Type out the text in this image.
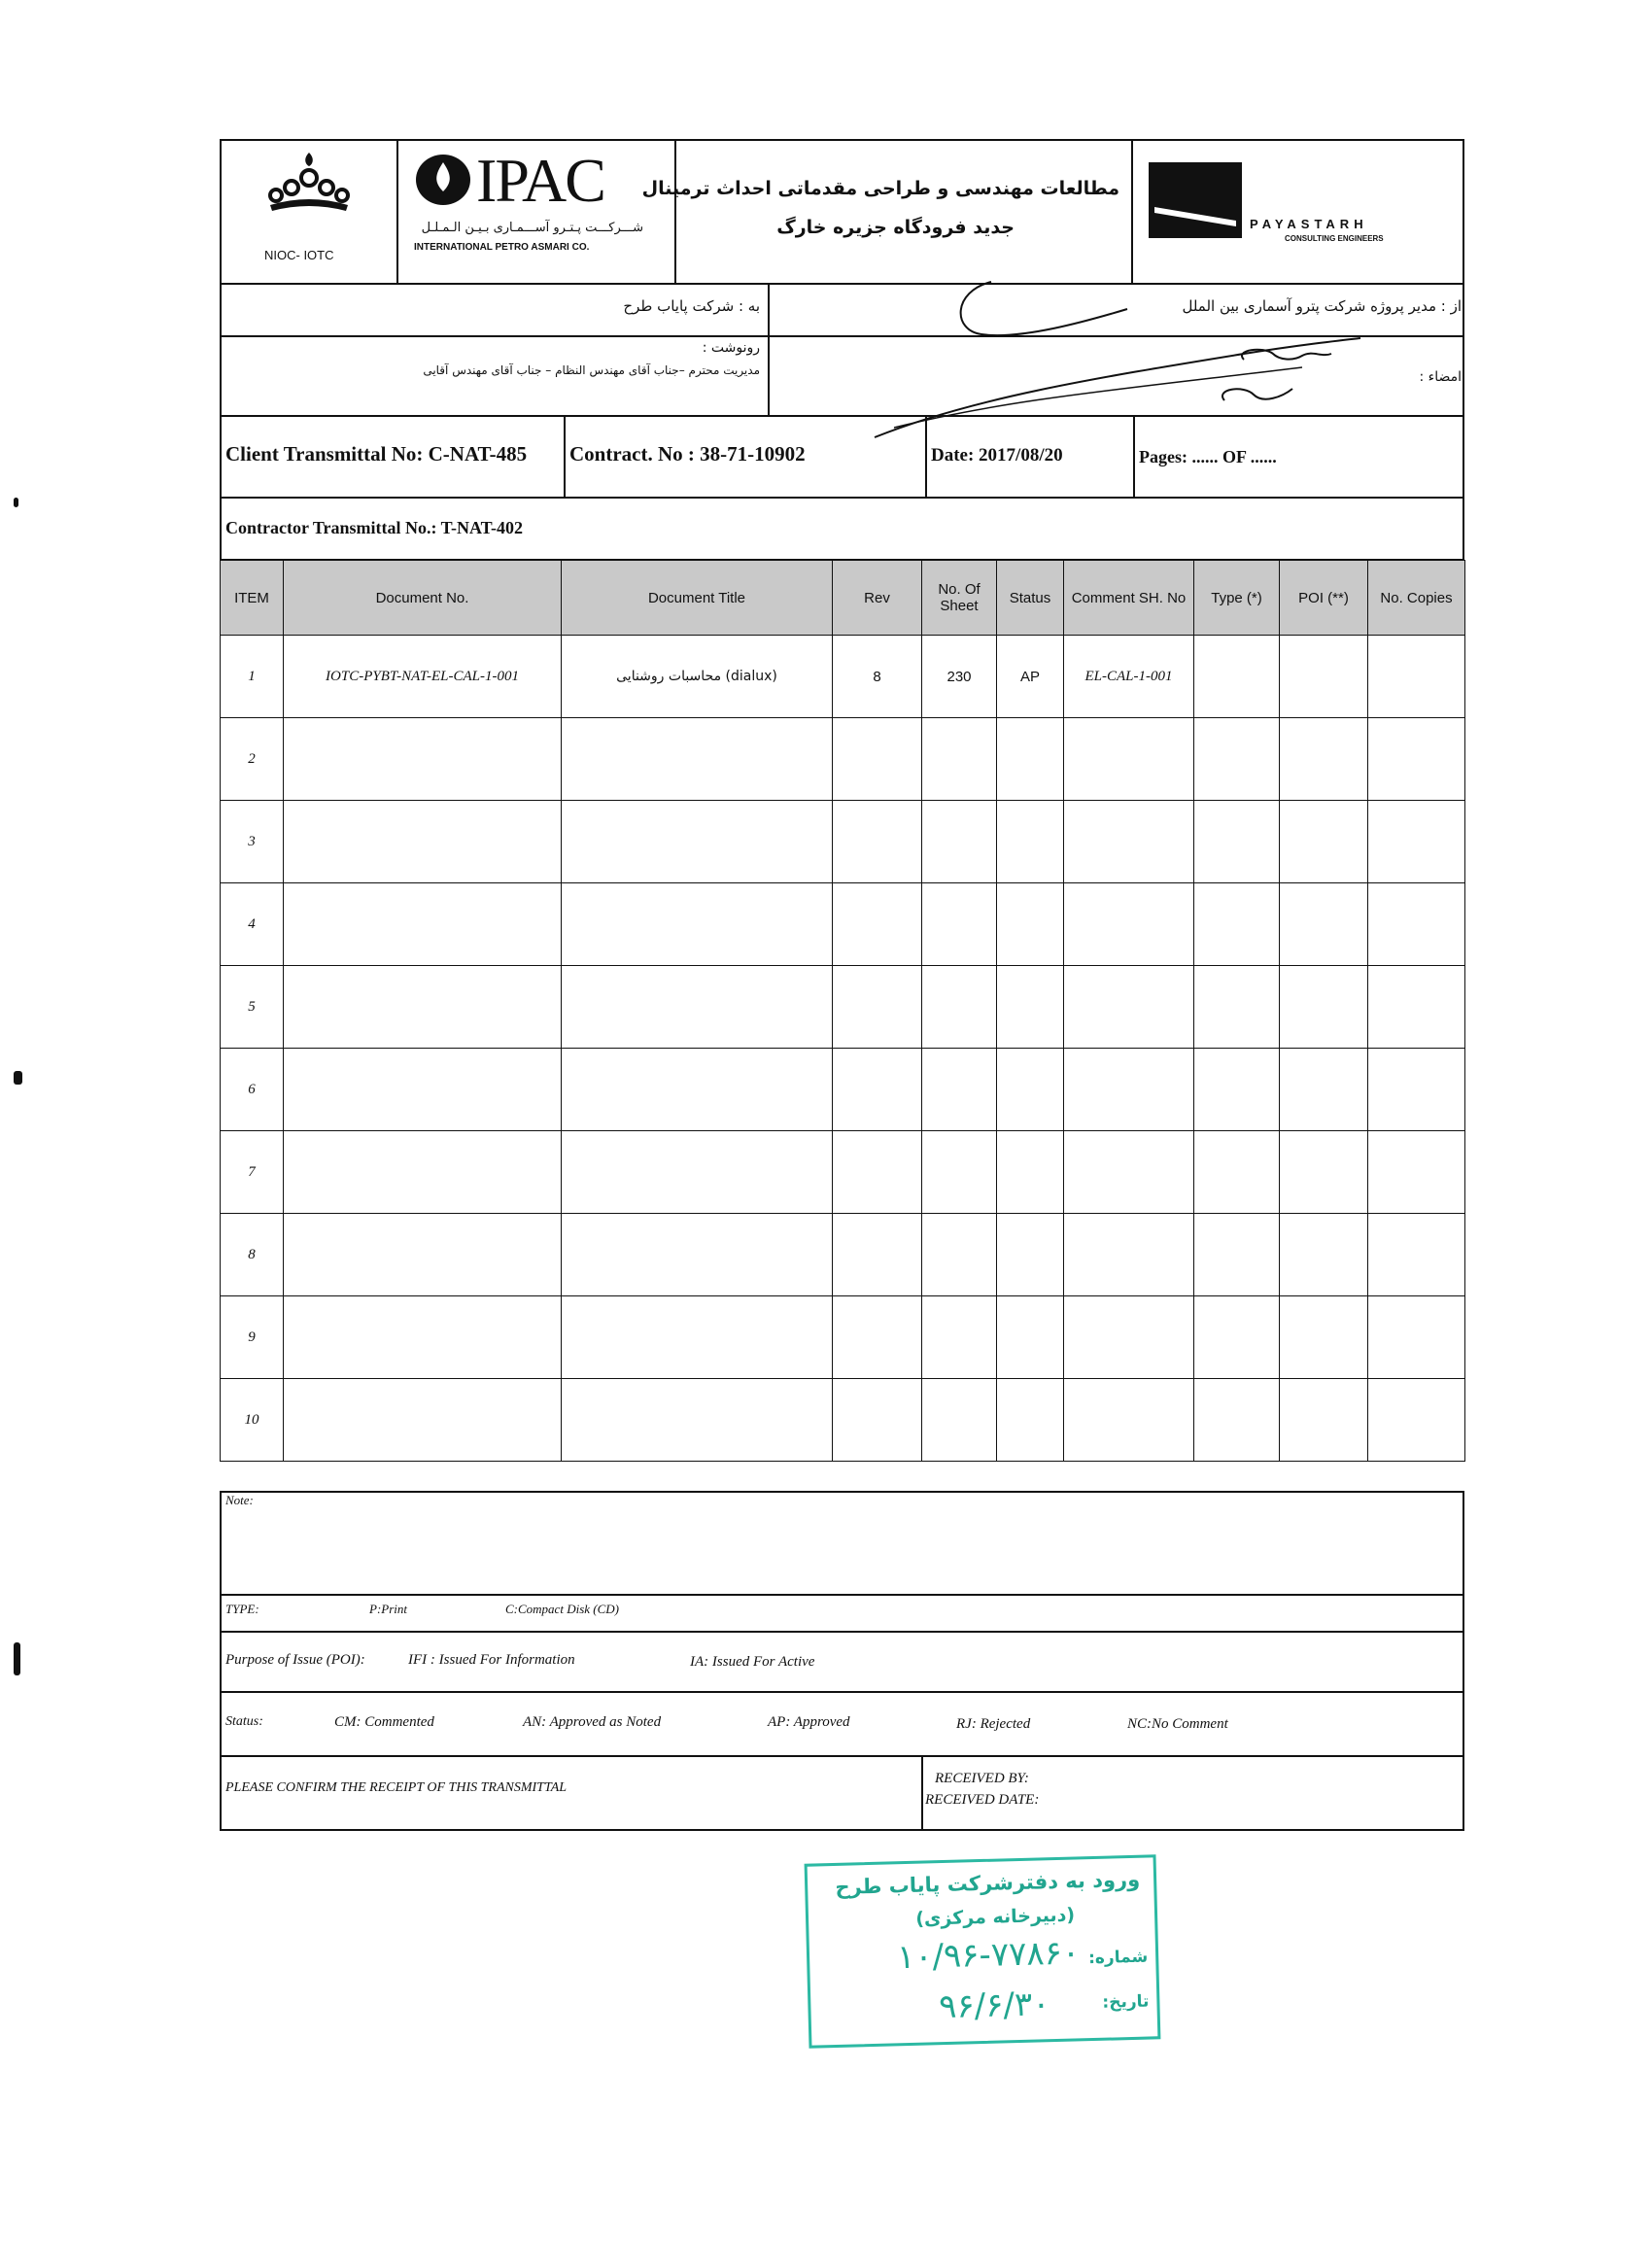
NIOC- IOTC
IPAC
شـــرکـــت پـتـرو آســـمـاری بـیـن الـمـلـل
INTERNATIONAL PETRO ASMARI CO.
مطالعات مهندسی و طراحی مقدماتی احداث ترمینال
جدید فرودگاه جزیره خارگ	PAYASTARH
CONSULTING ENGINEERS
به : شرکت پایاب طرح	از : مدیر پروژه شرکت پترو آسماری بین الملل
رونوشت :
مدیریت محترم –جناب آقای مهندس النظام – جناب آقای مهندس آقایی	امضاء :
Client Transmittal No: C-NAT-485 Contract. No : 38-71-10902	Date: 2017/08/20	Pages: ...... OF ......
Contractor Transmittal No.: T-NAT-402
ITEM	Document No.	Document Title	Rev	No. Of Sheet	Status	Comment SH. No	Type (*)	POI (**)	No. Copies
1	IOTC-PYBT-NAT-EL-CAL-1-001	محاسبات روشنایی (dialux)	8	230	AP	EL-CAL-1-001			
2									
3									
4									
5									
6									
7									
8									
9									
10									
Note:
TYPE:	P:Print	C:Compact Disk (CD)
Purpose of Issue (POI):	IFI : Issued For Information	IA: Issued For Active
Status:	CM: Commented	AN: Approved as Noted	AP: Approved	RJ: Rejected	NC:No Comment
PLEASE CONFIRM THE RECEIPT OF THIS TRANSMITTAL
RECEIVED BY:
RECEIVED DATE:
ورود به دفترشرکت پایاب طرح
(دبیرخانه مرکزی)
شماره:
۱۰/۹۶-۷۷۸۶۰
تاریخ:
۹۶/۶/۳۰
